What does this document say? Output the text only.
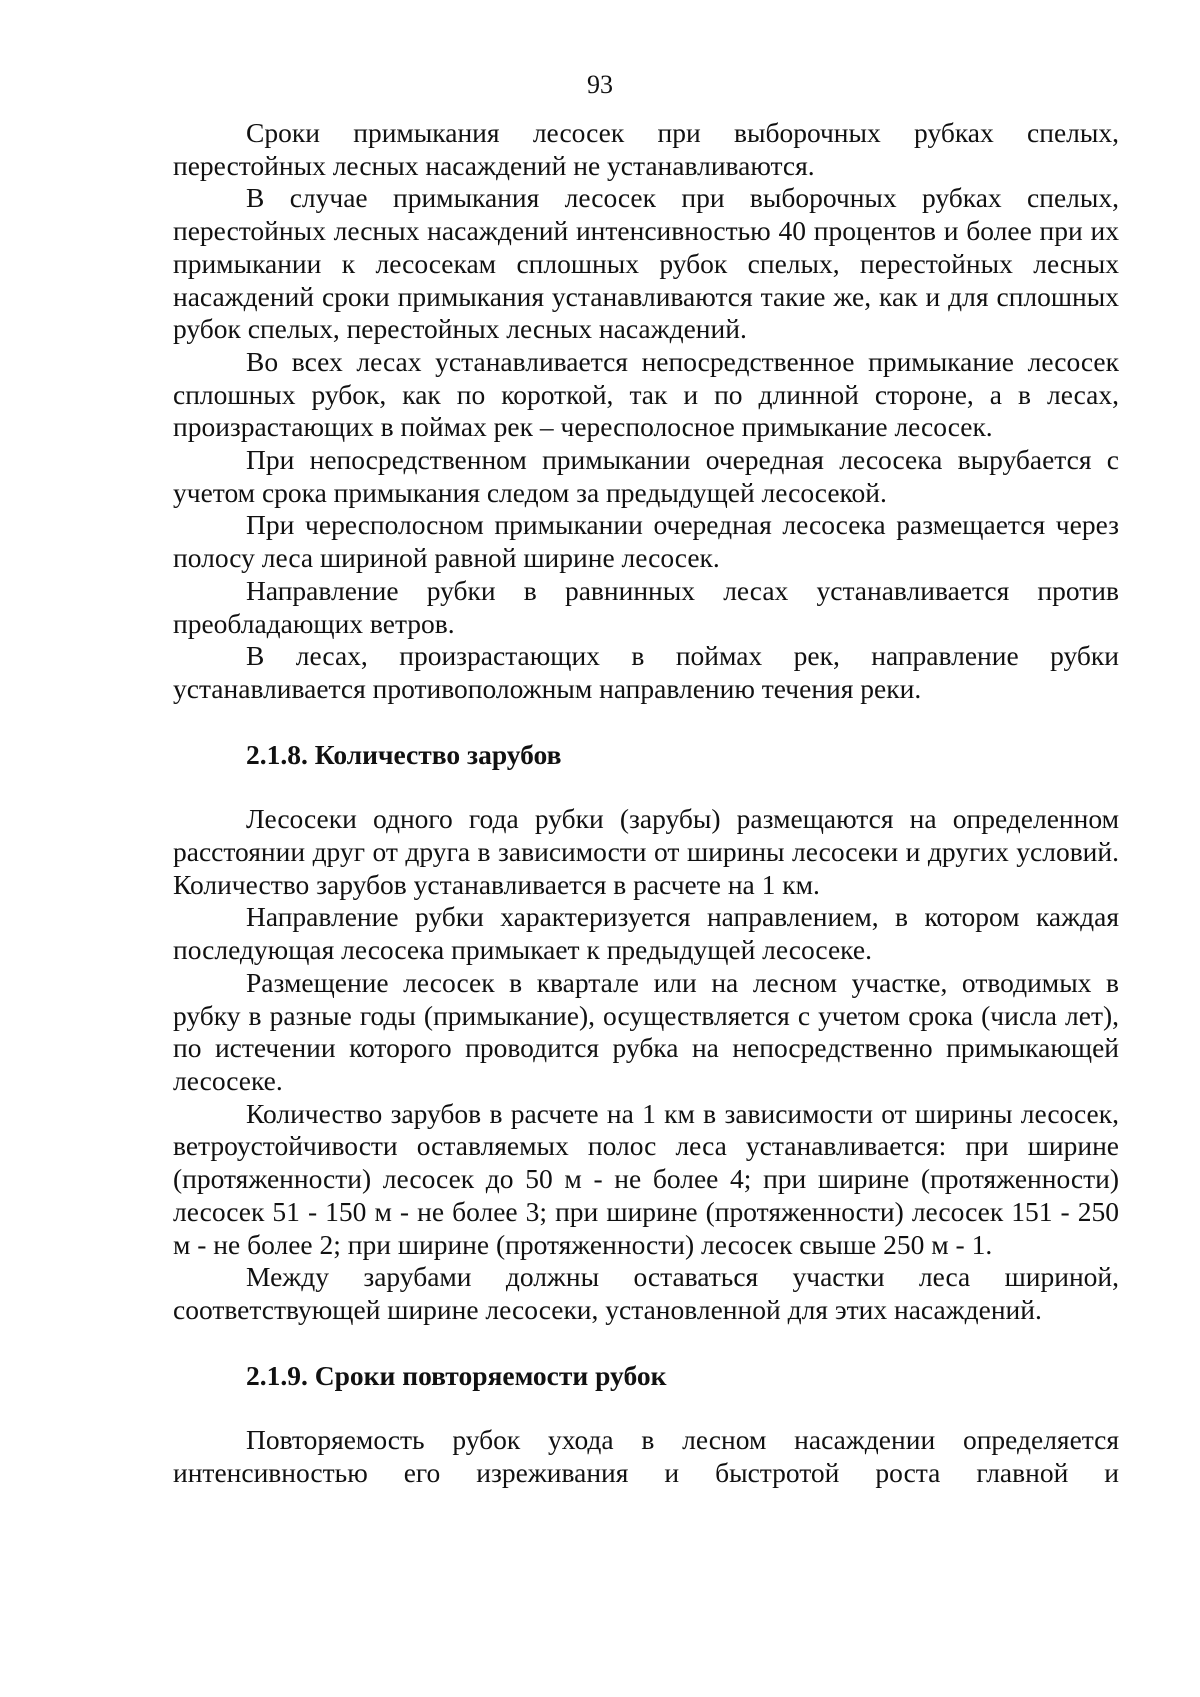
93

Сроки примыкания лесосек при выборочных рубках спелых, перестойных лесных насаждений не устанавливаются.

В случае примыкания лесосек при выборочных рубках спелых, перестойных лесных насаждений интенсивностью 40 процентов и более при их примыкании к лесосекам сплошных рубок спелых, перестойных лесных насаждений сроки примыкания устанавливаются такие же, как и для сплошных рубок спелых, перестойных лесных насаждений.

Во всех лесах устанавливается непосредственное примыкание лесосек сплошных рубок, как по короткой, так и по длинной стороне, а в лесах, произрастающих в поймах рек – чересполосное примыкание лесосек.

При непосредственном примыкании очередная лесосека вырубается с учетом срока примыкания следом за предыдущей лесосекой.

При чересполосном примыкании очередная лесосека размещается через полосу леса шириной равной ширине лесосек.

Направление рубки в равнинных лесах устанавливается против преобладающих ветров.

В лесах, произрастающих в поймах рек, направление рубки устанавливается противоположным направлению течения реки.

2.1.8. Количество зарубов

Лесосеки одного года рубки (зарубы) размещаются на определенном расстоянии друг от друга в зависимости от ширины лесосеки и других условий. Количество зарубов устанавливается в расчете на 1 км.

Направление рубки характеризуется направлением, в котором каждая последующая лесосека примыкает к предыдущей лесосеке.

Размещение лесосек в квартале или на лесном участке, отводимых в рубку в разные годы (примыкание), осуществляется с учетом срока (числа лет), по истечении которого проводится рубка на непосредственно примыкающей лесосеке.

Количество зарубов в расчете на 1 км в зависимости от ширины лесосек, ветроустойчивости оставляемых полос леса устанавливается: при ширине (протяженности) лесосек до 50 м - не более 4; при ширине (протяженности) лесосек 51 - 150 м - не более 3; при ширине (протяженности) лесосек 151 - 250 м - не более 2; при ширине (протяженности) лесосек свыше 250 м - 1.

Между зарубами должны оставаться участки леса шириной, соответствующей ширине лесосеки, установленной для этих насаждений.

2.1.9. Сроки повторяемости рубок

Повторяемость рубок ухода в лесном насаждении определяется интенсивностью его изреживания и быстротой роста главной и
